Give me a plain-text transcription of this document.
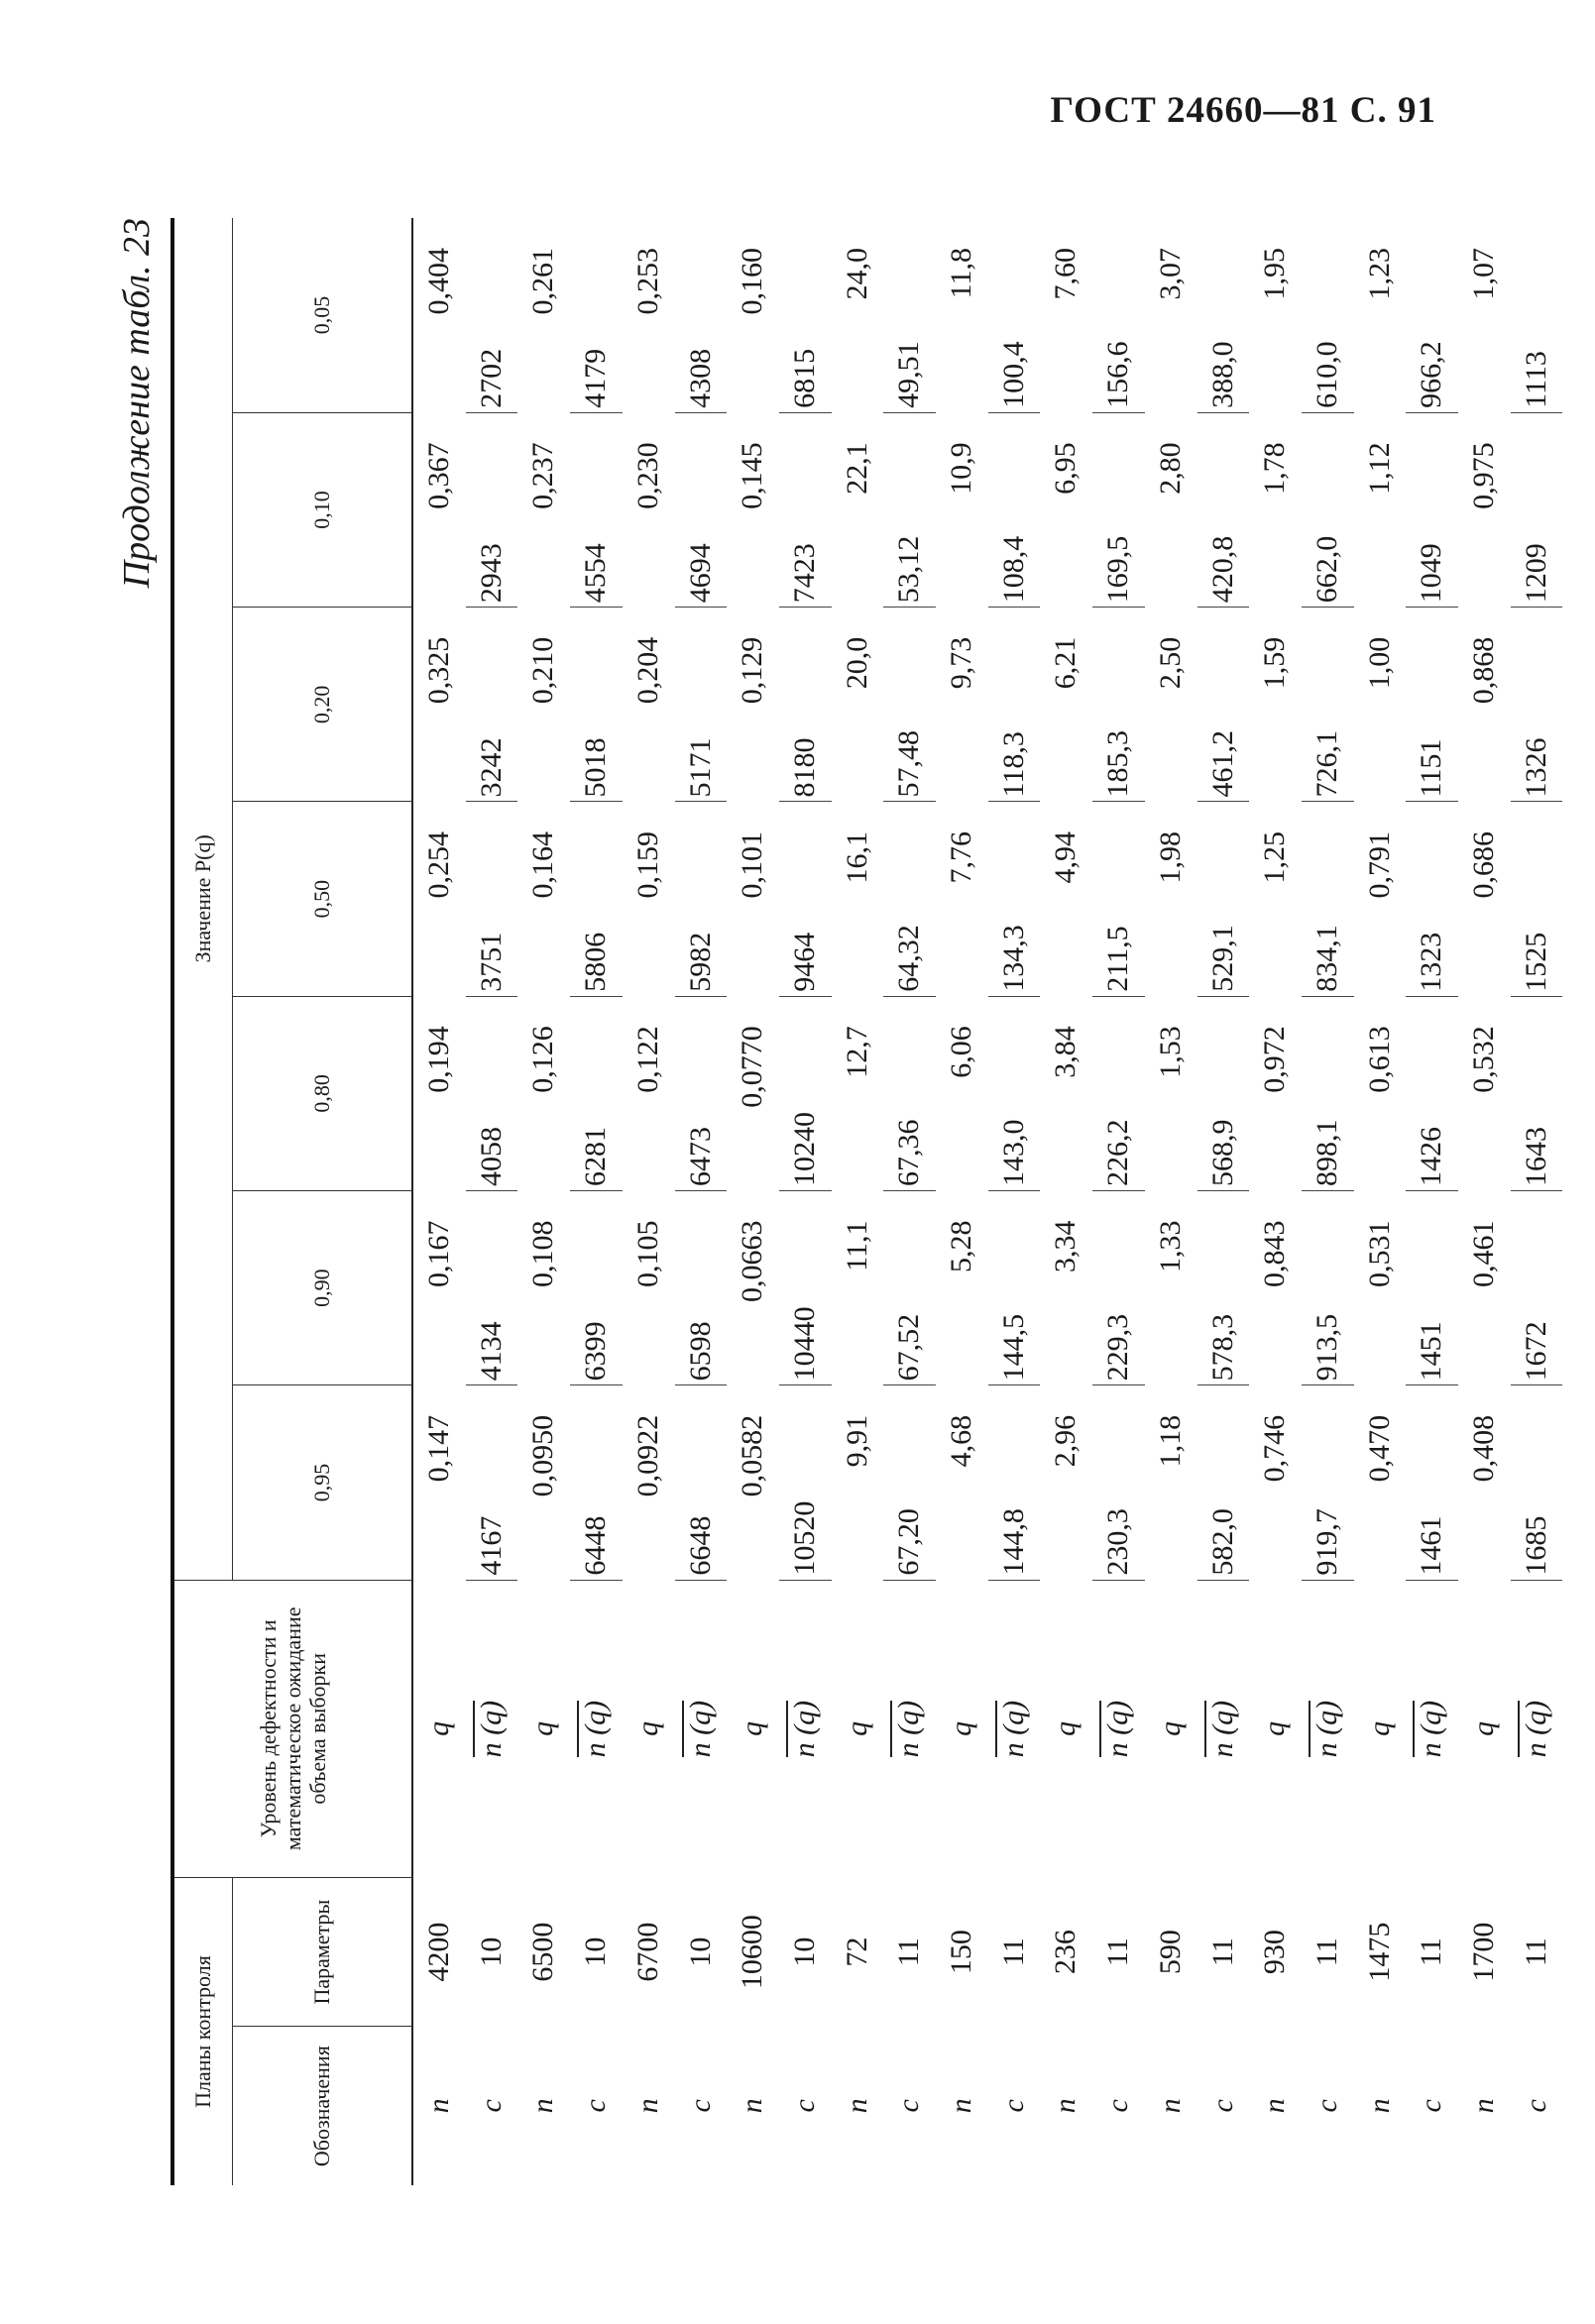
ГОСТ 24660—81 С. 91
Продолжение табл. 23
Планы контроля		Уровень дефектности и математическое ожидание объема выборки	Значение P(q)						
Обозначения	Параметры		0,95	0,90	0,80	0,50	0,20	0,10	0,05
n	4200	q	0,147	0,167	0,194	0,254	0,325	0,367	0,404
c	10	n (q)	4167	4134	4058	3751	3242	2943	2702
n	6500	q	0,0950	0,108	0,126	0,164	0,210	0,237	0,261
c	10	n (q)	6448	6399	6281	5806	5018	4554	4179
n	6700	q	0,0922	0,105	0,122	0,159	0,204	0,230	0,253
c	10	n (q)	6648	6598	6473	5982	5171	4694	4308
n	10600	q	0,0582	0,0663	0,0770	0,101	0,129	0,145	0,160
c	10	n (q)	10520	10440	10240	9464	8180	7423	6815
n	72	q	9,91	11,1	12,7	16,1	20,0	22,1	24,0
c	11	n (q)	67,20	67,52	67,36	64,32	57,48	53,12	49,51
n	150	q	4,68	5,28	6,06	7,76	9,73	10,9	11,8
c	11	n (q)	144,8	144,5	143,0	134,3	118,3	108,4	100,4
n	236	q	2,96	3,34	3,84	4,94	6,21	6,95	7,60
c	11	n (q)	230,3	229,3	226,2	211,5	185,3	169,5	156,6
n	590	q	1,18	1,33	1,53	1,98	2,50	2,80	3,07
c	11	n (q)	582,0	578,3	568,9	529,1	461,2	420,8	388,0
n	930	q	0,746	0,843	0,972	1,25	1,59	1,78	1,95
c	11	n (q)	919,7	913,5	898,1	834,1	726,1	662,0	610,0
n	1475	q	0,470	0,531	0,613	0,791	1,00	1,12	1,23
c	11	n (q)	1461	1451	1426	1323	1151	1049	966,2
n	1700	q	0,408	0,461	0,532	0,686	0,868	0,975	1,07
c	11	n (q)	1685	1672	1643	1525	1326	1209	1113
